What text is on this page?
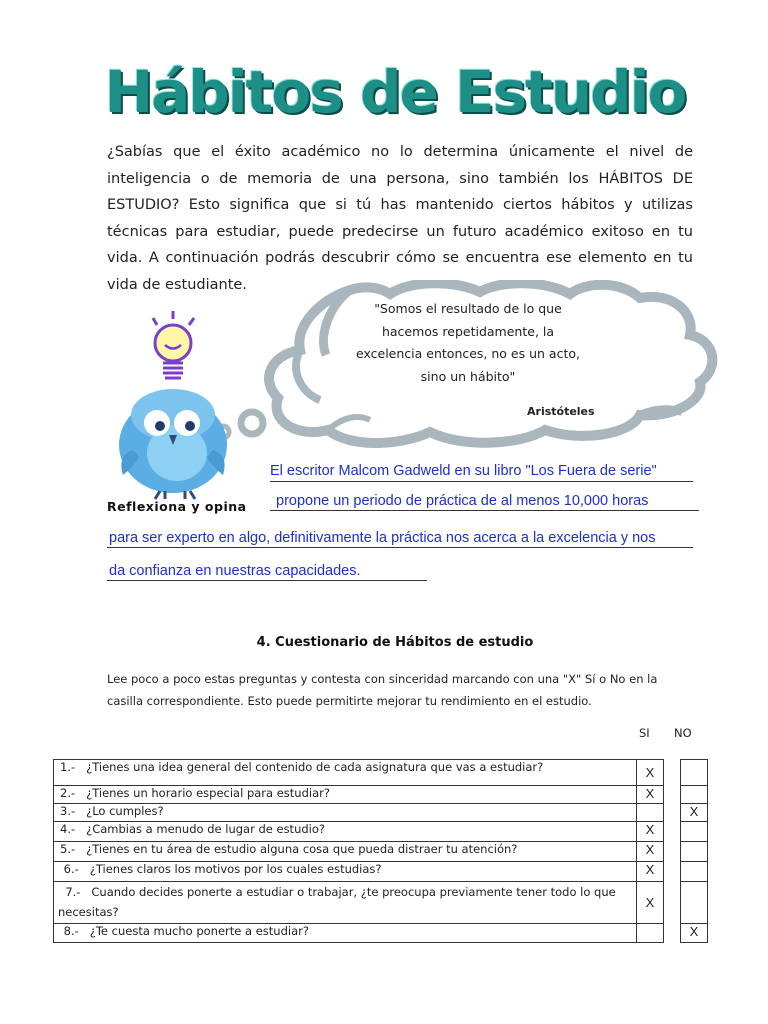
Hábitos de Estudio
¿Sabías que el éxito académico no lo determina únicamente el nivel de inteligencia o de memoria de una persona, sino también los HÁBITOS DE ESTUDIO? Esto significa que si tú has mantenido ciertos hábitos y utilizas técnicas para estudiar, puede predecirse un futuro académico exitoso en tu vida. A continuación podrás descubrir cómo se encuentra ese elemento en tu vida de estudiante.
"Somos el resultado de lo que
hacemos repetidamente, la
excelencia entonces, no es un acto,
sino un hábito"
Aristóteles
Reflexiona y opina
El escritor Malcom Gadweld en su libro "Los Fuera de serie"
propone un periodo de práctica de al menos 10,000 horas
para ser experto en algo, definitivamente la práctica nos acerca a la excelencia y nos
da confianza en nuestras capacidades.
4. Cuestionario de Hábitos de estudio
Lee poco a poco estas preguntas y contesta con sinceridad marcando con una "X" Sí o No en la casilla correspondiente. Esto puede permitirte mejorar tu rendimiento en el estudio.
SI NO
1.- ¿Tienes una idea general del contenido de cada asignatura que vas a estudiar?	X		
2.- ¿Tienes un horario especial para estudiar?	X		
3.- ¿Lo cumples?			X
4.- ¿Cambias a menudo de lugar de estudio?	X		
5.- ¿Tienes en tu área de estudio alguna cosa que pueda distraer tu atención?	X		
6.- ¿Tienes claros los motivos por los cuales estudias?	X		
7.- Cuando decides ponerte a estudiar o trabajar, ¿te preocupa previamente tener todo lo que necesitas?	X		
8.- ¿Te cuesta mucho ponerte a estudiar?			X
